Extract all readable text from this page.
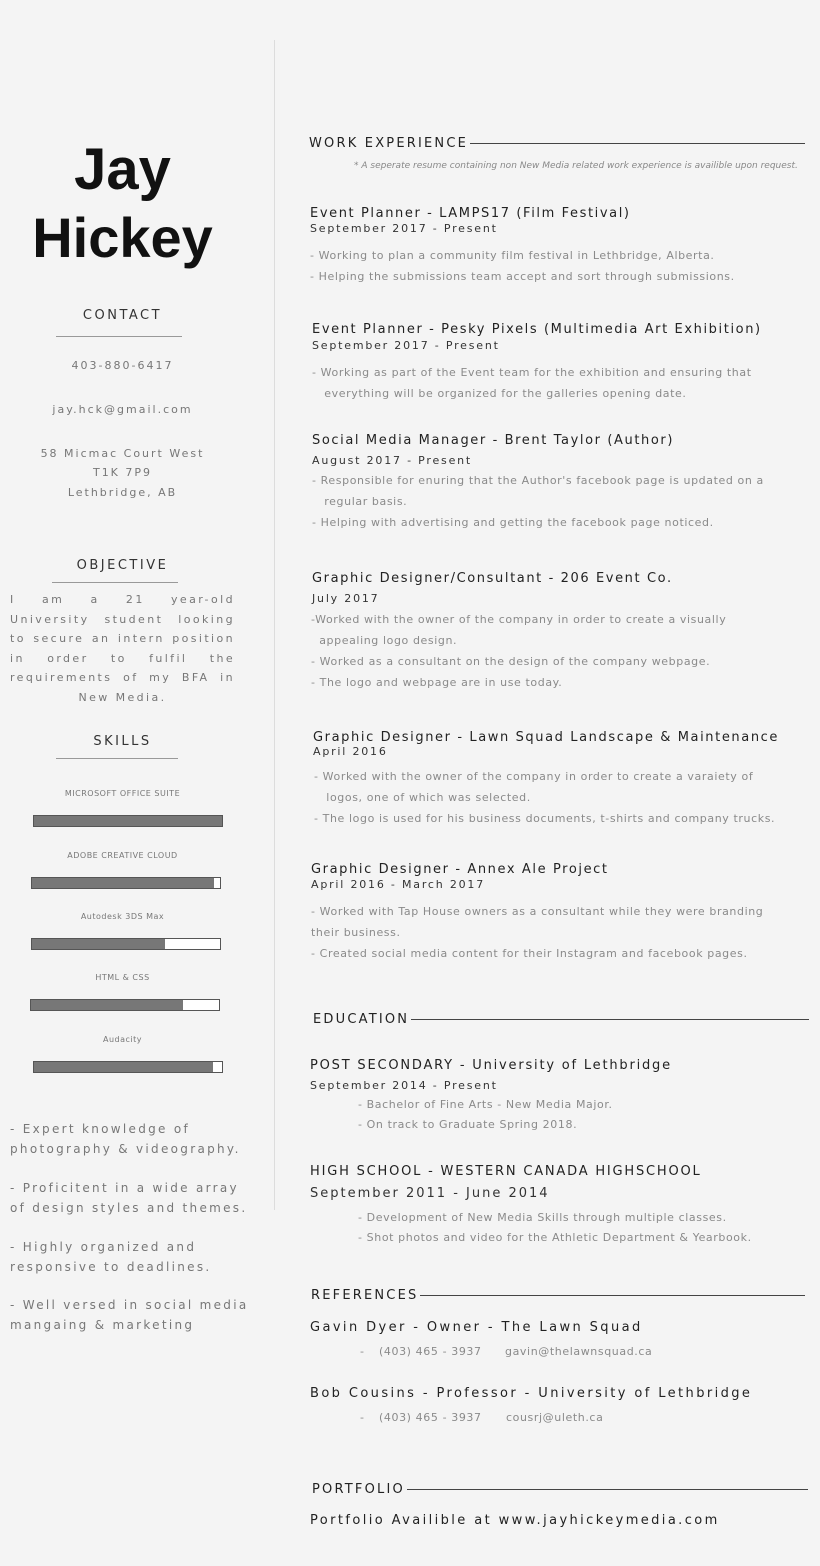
Jay
Hickey
CONTACT
403-880-6417
jay.hck@gmail.com
58 Micmac Court West
T1K 7P9
Lethbridge, AB
OBJECTIVE
I am a 21 year-old University student looking to secure an intern position in order to fulfil the requirements of my BFA in New Media.
SKILLS
MICROSOFT OFFICE SUITE
ADOBE CREATIVE CLOUD
Autodesk 3DS Max
HTML & CSS
Audacity
- Expert knowledge of photography & videography.
- Proficitent in a wide array of design styles and themes.
- Highly organized and responsive to deadlines.
- Well versed in social media mangaing & marketing
WORK EXPERIENCE
* A seperate resume containing non New Media related work experience is availible upon request.
Event Planner - LAMPS17 (Film Festival)
September 2017 - Present
- Working to plan a community film festival in Lethbridge, Alberta.
- Helping the submissions team accept and sort through submissions.
Event Planner - Pesky Pixels (Multimedia Art Exhibition)
September 2017 - Present
- Working as part of the Event team for the exhibition and ensuring that
everything will be organized for the galleries opening date.
Social Media Manager - Brent Taylor (Author)
August 2017 - Present
- Responsible for enuring that the Author's facebook page is updated on a
regular basis.
- Helping with advertising and getting the facebook page noticed.
Graphic Designer/Consultant - 206 Event Co.
July 2017
-Worked with the owner of the company in order to create a visually
appealing logo design.
- Worked as a consultant on the design of the company webpage.
- The logo and webpage are in use today.
Graphic Designer - Lawn Squad Landscape & Maintenance
April 2016
- Worked with the owner of the company in order to create a varaiety of
logos, one of which was selected.
- The logo is used for his business documents, t-shirts and company trucks.
Graphic Designer - Annex Ale Project
April 2016 - March 2017
- Worked with Tap House owners as a consultant while they were branding
their business.
- Created social media content for their Instagram and facebook pages.
EDUCATION
POST SECONDARY - University of Lethbridge
September 2014 - Present
- Bachelor of Fine Arts - New Media Major.
- On track to Graduate Spring 2018.
HIGH SCHOOL - WESTERN CANADA HIGHSCHOOL
September 2011 - June 2014
- Development of New Media Skills through multiple classes.
- Shot photos and video for the Athletic Department & Yearbook.
REFERENCES
Gavin Dyer - Owner - The Lawn Squad
- (403) 465 - 3937 gavin@thelawnsquad.ca
Bob Cousins - Professor - University of Lethbridge
- (403) 465 - 3937 cousrj@uleth.ca
PORTFOLIO
Portfolio Availible at www.jayhickeymedia.com
